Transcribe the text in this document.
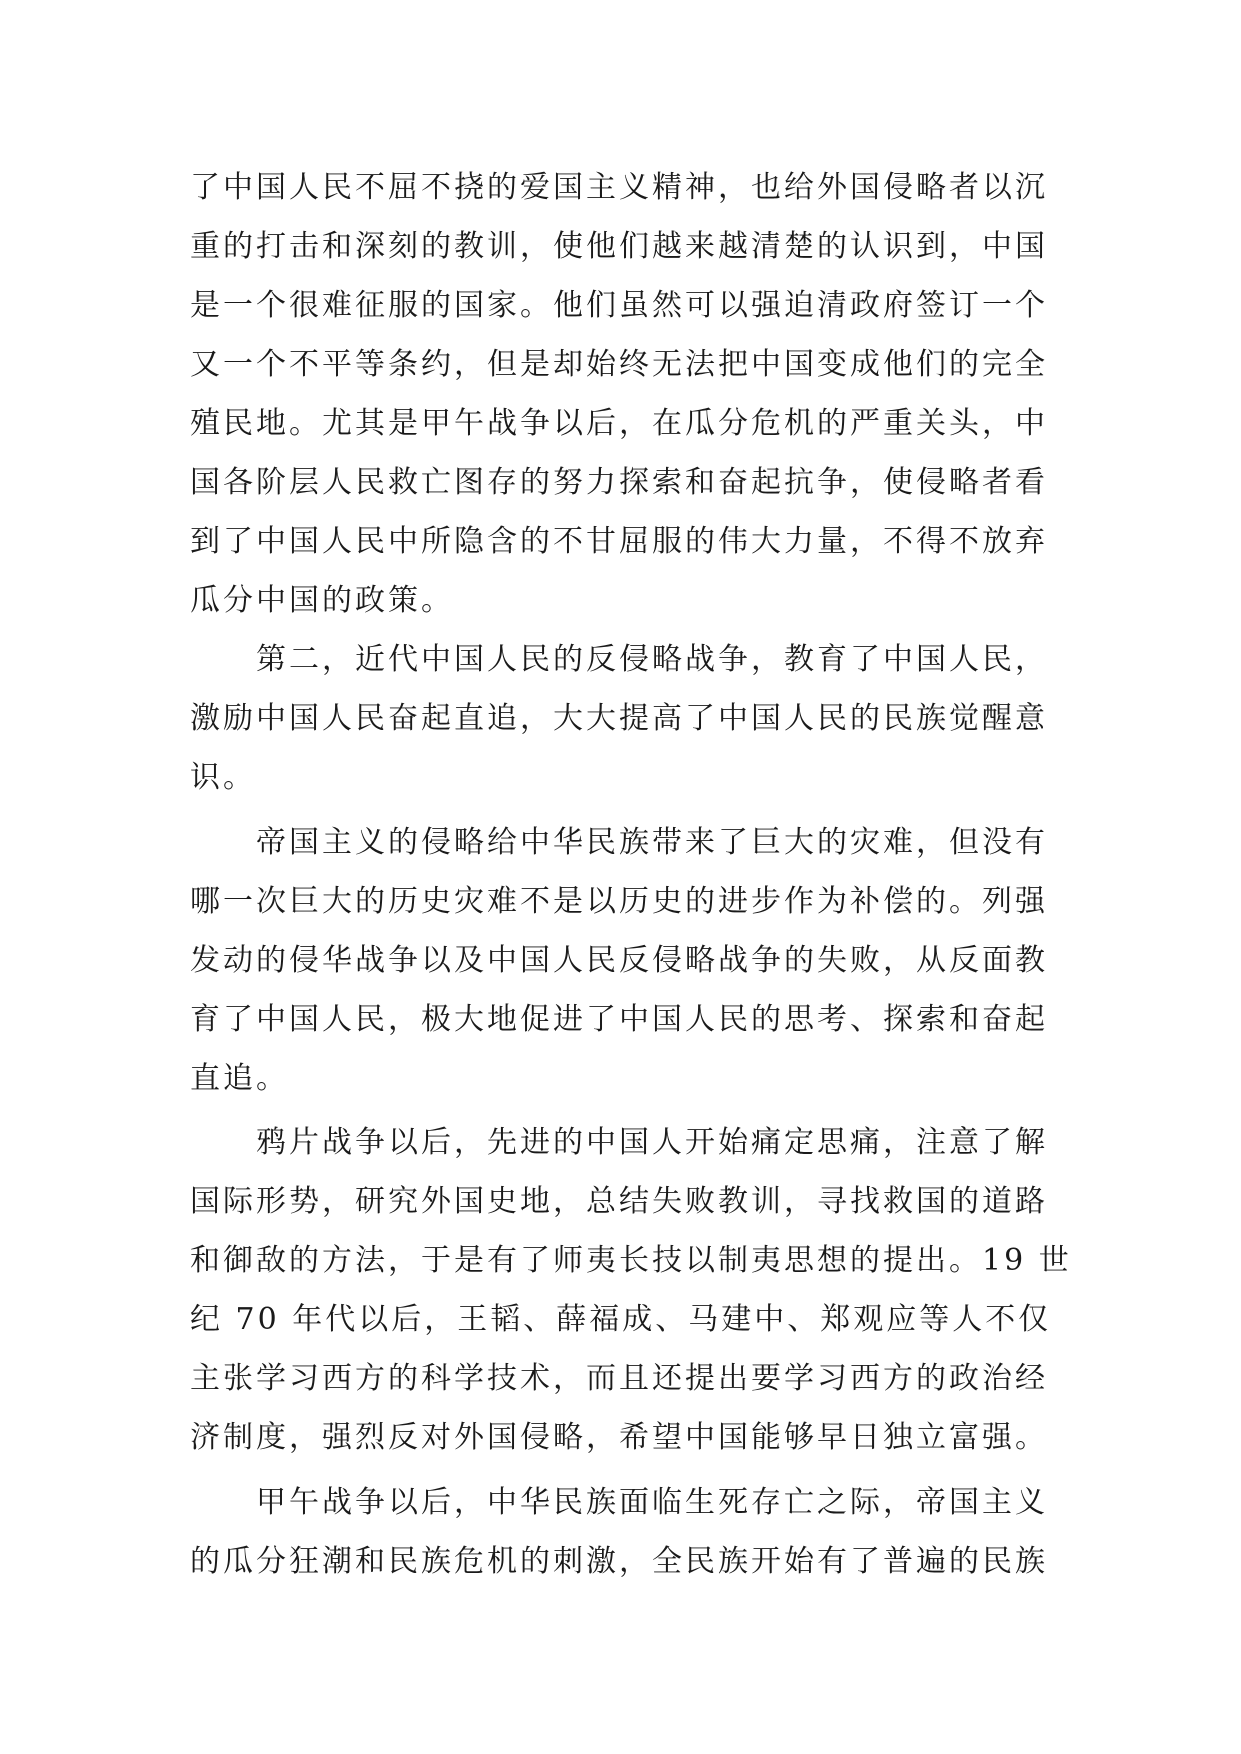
了中国人民不屈不挠的爱国主义精神，也给外国侵略者以沉
重的打击和深刻的教训，使他们越来越清楚的认识到，中国
是一个很难征服的国家。他们虽然可以强迫清政府签订一个
又一个不平等条约，但是却始终无法把中国变成他们的完全
殖民地。尤其是甲午战争以后，在瓜分危机的严重关头，中
国各阶层人民救亡图存的努力探索和奋起抗争，使侵略者看
到了中国人民中所隐含的不甘屈服的伟大力量，不得不放弃
瓜分中国的政策。
第二，近代中国人民的反侵略战争，教育了中国人民，
激励中国人民奋起直追，大大提高了中国人民的民族觉醒意
识。
帝国主义的侵略给中华民族带来了巨大的灾难，但没有
哪一次巨大的历史灾难不是以历史的进步作为补偿的。列强
发动的侵华战争以及中国人民反侵略战争的失败，从反面教
育了中国人民，极大地促进了中国人民的思考、探索和奋起
直追。
鸦片战争以后，先进的中国人开始痛定思痛，注意了解
国际形势，研究外国史地，总结失败教训，寻找救国的道路
和御敌的方法，于是有了师夷长技以制夷思想的提出。19 世
纪 70 年代以后，王韬、薛福成、马建中、郑观应等人不仅
主张学习西方的科学技术，而且还提出要学习西方的政治经
济制度，强烈反对外国侵略，希望中国能够早日独立富强。
甲午战争以后，中华民族面临生死存亡之际，帝国主义
的瓜分狂潮和民族危机的刺激，全民族开始有了普遍的民族
